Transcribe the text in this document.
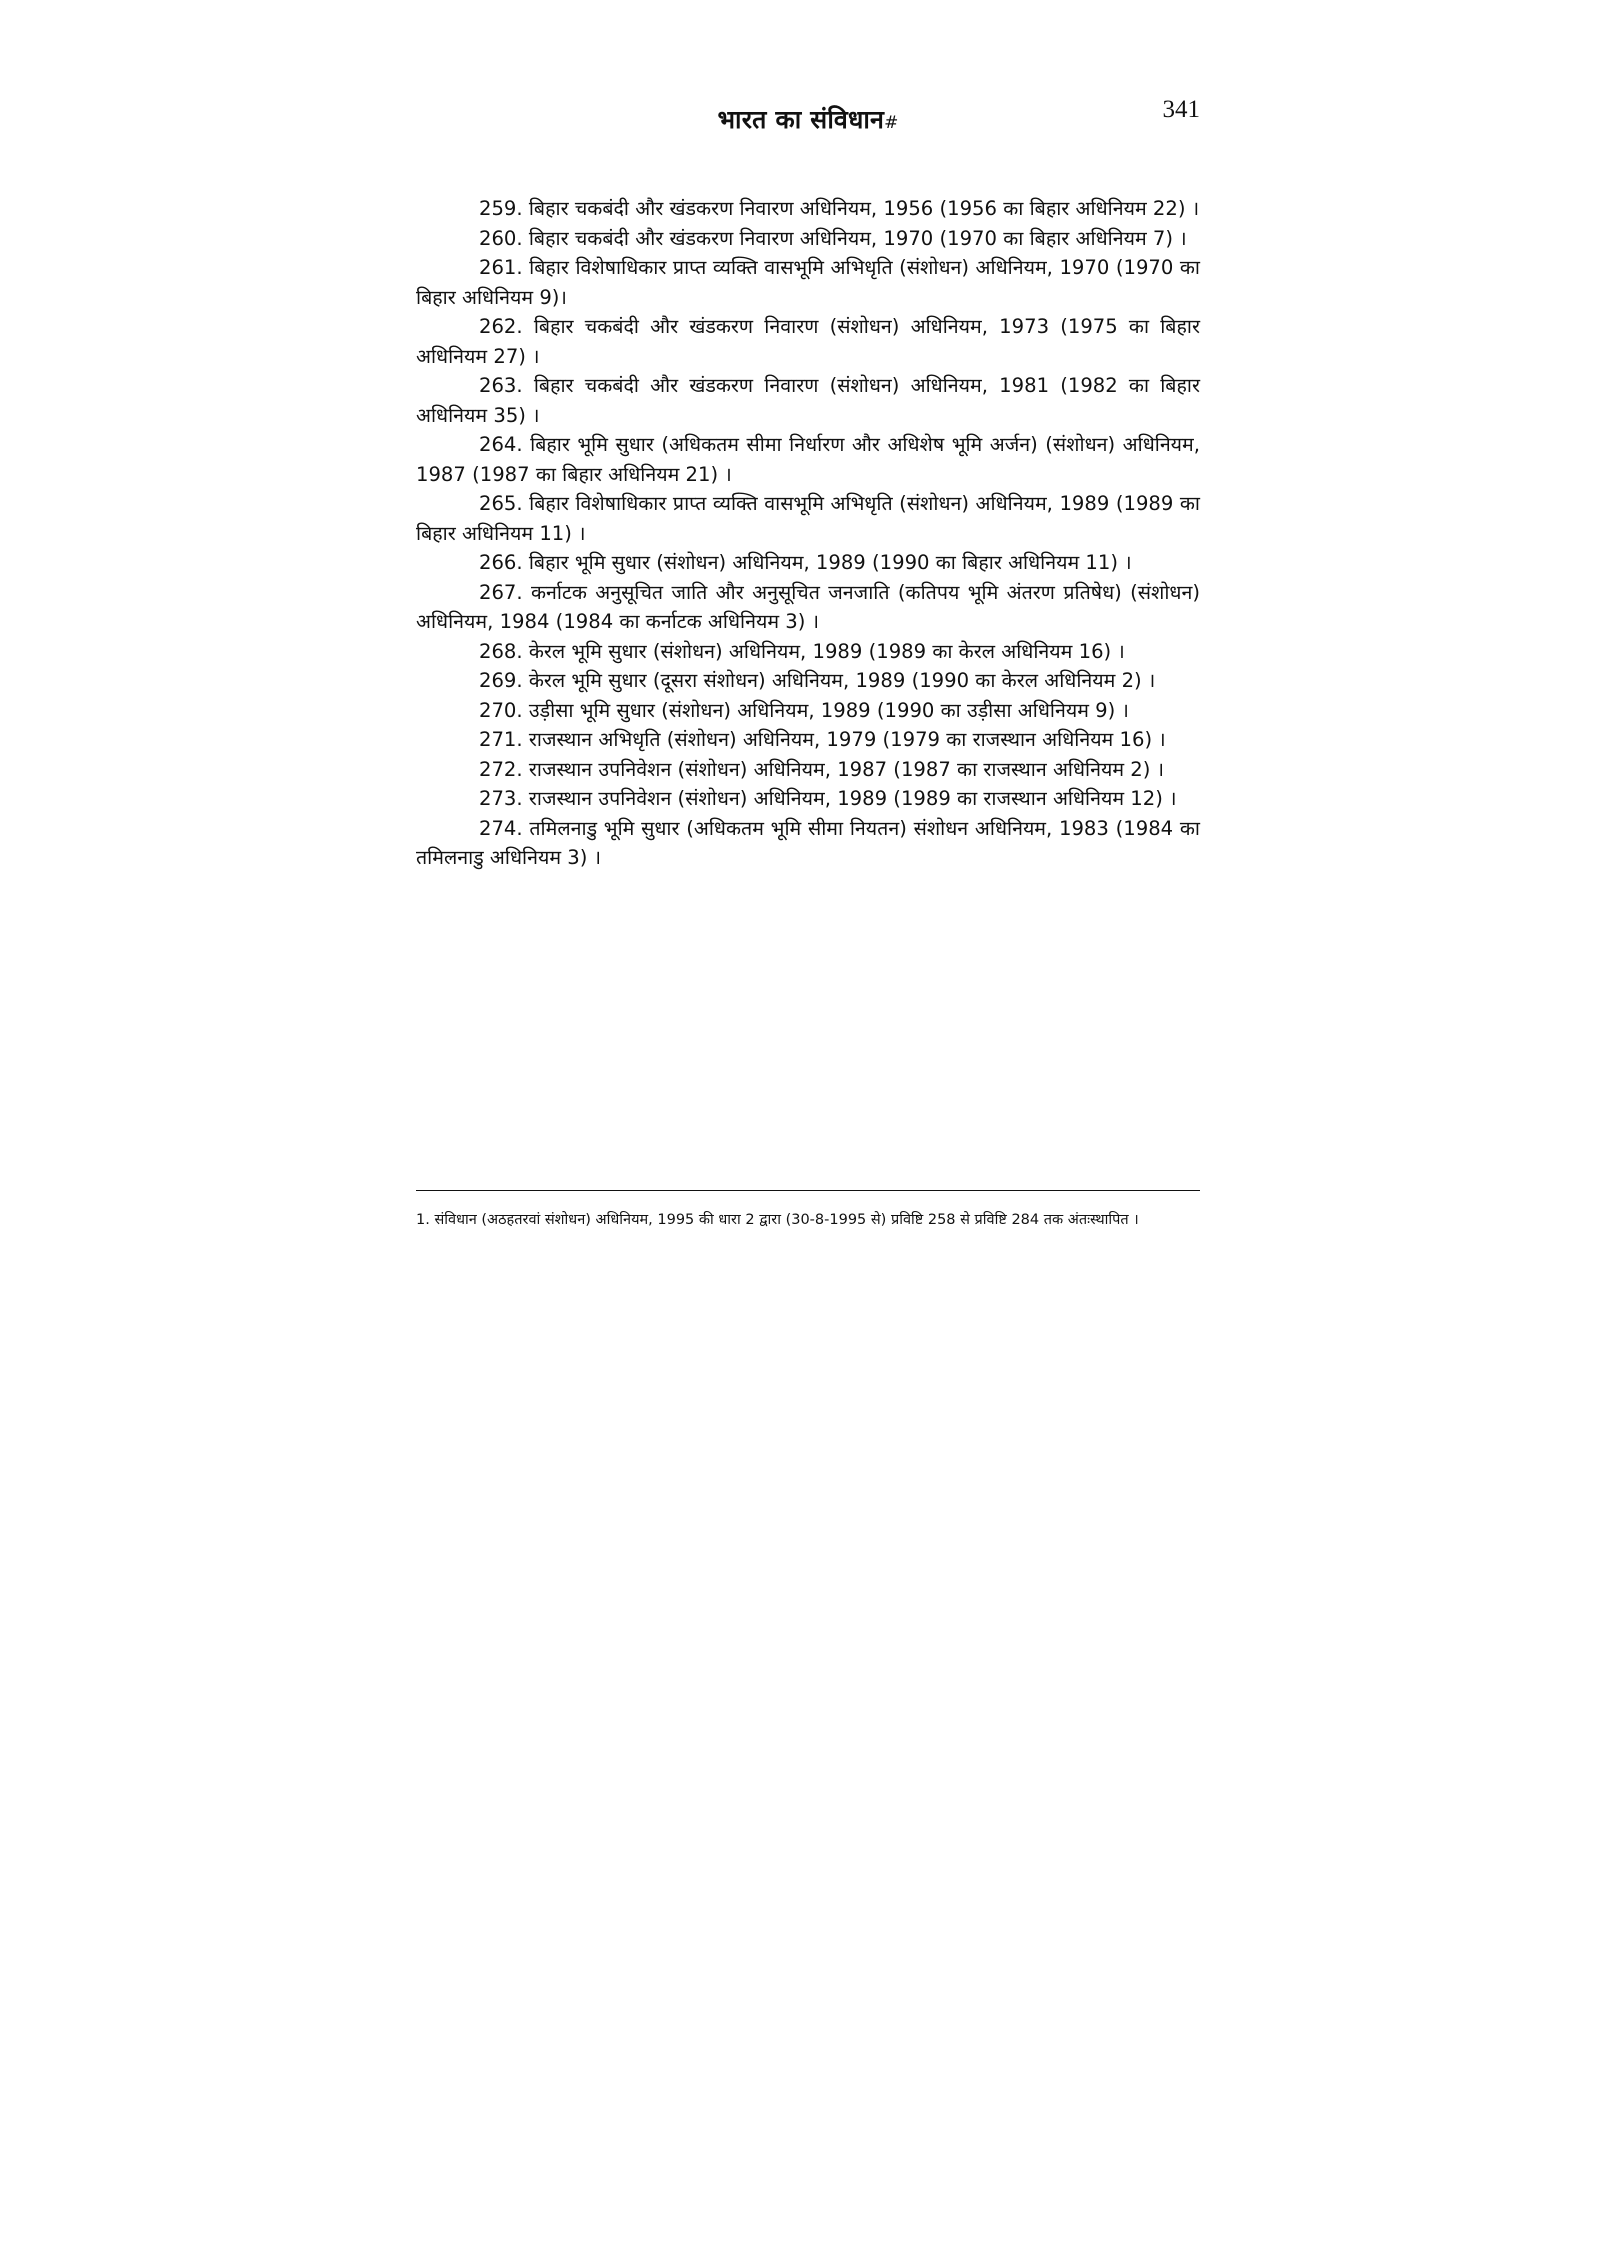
भारत का संविधान#	341

259. बिहार चकबंदी और खंडकरण निवारण अधिनियम, 1956 (1956 का बिहार अधिनियम 22) ।

260. बिहार चकबंदी और खंडकरण निवारण अधिनियम, 1970 (1970 का बिहार अधिनियम 7) ।

261. बिहार विशेषाधिकार प्राप्त व्यक्ति वासभूमि अभिधृति (संशोधन) अधिनियम, 1970 (1970 का बिहार अधिनियम 9)।

262. बिहार चकबंदी और खंडकरण निवारण (संशोधन) अधिनियम, 1973 (1975 का बिहार अधिनियम 27) ।

263. बिहार चकबंदी और खंडकरण निवारण (संशोधन) अधिनियम, 1981 (1982 का बिहार अधिनियम 35) ।

264. बिहार भूमि सुधार (अधिकतम सीमा निर्धारण और अधिशेष भूमि अर्जन) (संशोधन) अधिनियम, 1987 (1987 का बिहार अधिनियम 21) ।

265. बिहार विशेषाधिकार प्राप्त व्यक्ति वासभूमि अभिधृति (संशोधन) अधिनियम, 1989 (1989 का बिहार अधिनियम 11) ।

266. बिहार भूमि सुधार (संशोधन) अधिनियम, 1989 (1990 का बिहार अधिनियम 11) ।

267. कर्नाटक अनुसूचित जाति और अनुसूचित जनजाति (कतिपय भूमि अंतरण प्रतिषेध) (संशोधन) अधिनियम, 1984 (1984 का कर्नाटक अधिनियम 3) ।

268. केरल भूमि सुधार (संशोधन) अधिनियम, 1989 (1989 का केरल अधिनियम 16) ।

269. केरल भूमि सुधार (दूसरा संशोधन) अधिनियम, 1989 (1990 का केरल अधिनियम 2) ।

270. उड़ीसा भूमि सुधार (संशोधन) अधिनियम, 1989 (1990 का उड़ीसा अधिनियम 9) ।

271. राजस्थान अभिधृति (संशोधन) अधिनियम, 1979 (1979 का राजस्थान अधिनियम 16) ।

272. राजस्थान उपनिवेशन (संशोधन) अधिनियम, 1987 (1987 का राजस्थान अधिनियम 2) ।

273. राजस्थान उपनिवेशन (संशोधन) अधिनियम, 1989 (1989 का राजस्थान अधिनियम 12) ।

274. तमिलनाडु भूमि सुधार (अधिकतम भूमि सीमा नियतन) संशोधन अधिनियम, 1983 (1984 का तमिलनाडु अधिनियम 3) ।

1. संविधान (अठहतरवां संशोधन) अधिनियम, 1995 की धारा 2 द्वारा (30-8-1995 से) प्रविष्टि 258 से प्रविष्टि 284 तक अंतःस्थापित ।
